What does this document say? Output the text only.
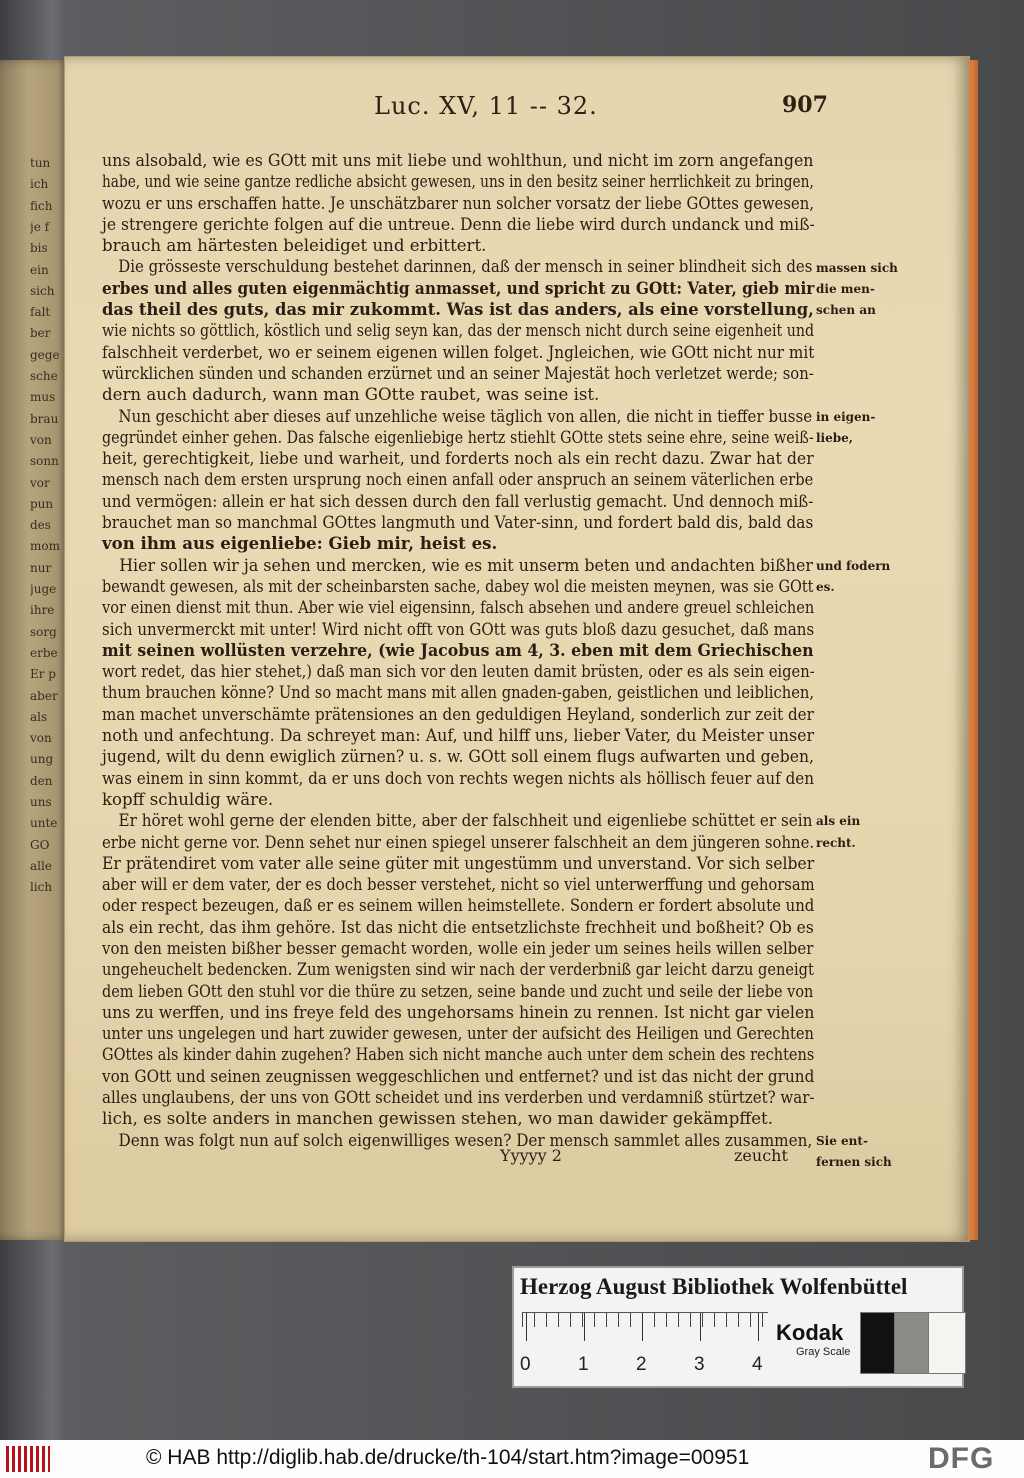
tun
ich
fich
je f
bis
ein
sich
falt
ber
gege
sche
mus
brau
von
sonn
vor
pun
des
mom
nur
juge
ihre
sorg
erbe
Er p
aber
als
von
ung
den
uns
unte
GO
alle
lich
Luc. XV, 11 -- 32.	907
uns alsobald, wie es GOtt mit uns mit liebe und wohlthun, und nicht im zorn angefangen
habe, und wie seine gantze redliche absicht gewesen, uns in den besitz seiner herrlichkeit zu bringen,
wozu er uns erschaffen hatte. Je unschätzbarer nun solcher vorsatz der liebe GOttes gewesen,
je strengere gerichte folgen auf die untreue. Denn die liebe wird durch undanck und miß-
brauch am härtesten beleidiget und erbittert.
Die grösseste verschuldung bestehet darinnen, daß der mensch in seiner blindheit sich des
erbes und alles guten eigenmächtig anmasset, und spricht zu GOtt: Vater, gieb mir
das theil des guts, das mir zukommt. Was ist das anders, als eine vorstellung,
wie nichts so göttlich, köstlich und selig seyn kan, das der mensch nicht durch seine eigenheit und
falschheit verderbet, wo er seinem eigenen willen folget. Jngleichen, wie GOtt nicht nur mit
würcklichen sünden und schanden erzürnet und an seiner Majestät hoch verletzet werde; son-
dern auch dadurch, wann man GOtte raubet, was seine ist.
Nun geschicht aber dieses auf unzehliche weise täglich von allen, die nicht in tieffer busse
gegründet einher gehen. Das falsche eigenliebige hertz stiehlt GOtte stets seine ehre, seine weiß-
heit, gerechtigkeit, liebe und warheit, und forderts noch als ein recht dazu. Zwar hat der
mensch nach dem ersten ursprung noch einen anfall oder anspruch an seinem väterlichen erbe
und vermögen: allein er hat sich dessen durch den fall verlustig gemacht. Und dennoch miß-
brauchet man so manchmal GOttes langmuth und Vater-sinn, und fordert bald dis, bald das
von ihm aus eigenliebe: Gieb mir, heist es.
Hier sollen wir ja sehen und mercken, wie es mit unserm beten und andachten bißher
bewandt gewesen, als mit der scheinbarsten sache, dabey wol die meisten meynen, was sie GOtt
vor einen dienst mit thun. Aber wie viel eigensinn, falsch absehen und andere greuel schleichen
sich unvermerckt mit unter! Wird nicht offt von GOtt was guts bloß dazu gesuchet, daß mans
mit seinen wollüsten verzehre, (wie Jacobus am 4, 3. eben mit dem Griechischen
wort redet, das hier stehet,) daß man sich vor den leuten damit brüsten, oder es als sein eigen-
thum brauchen könne? Und so macht mans mit allen gnaden-gaben, geistlichen und leiblichen,
man machet unverschämte prätensiones an den geduldigen Heyland, sonderlich zur zeit der
noth und anfechtung. Da schreyet man: Auf, und hilff uns, lieber Vater, du Meister unser
jugend, wilt du denn ewiglich zürnen? u. s. w. GOtt soll einem flugs aufwarten und geben,
was einem in sinn kommt, da er uns doch von rechts wegen nichts als höllisch feuer auf den
kopff schuldig wäre.
Er höret wohl gerne der elenden bitte, aber der falschheit und eigenliebe schüttet er sein
erbe nicht gerne vor. Denn sehet nur einen spiegel unserer falschheit an dem jüngeren sohne.
Er prätendiret vom vater alle seine güter mit ungestümm und unverstand. Vor sich selber
aber will er dem vater, der es doch besser verstehet, nicht so viel unterwerffung und gehorsam
oder respect bezeugen, daß er es seinem willen heimstellete. Sondern er fordert absolute und
als ein recht, das ihm gehöre. Ist das nicht die entsetzlichste frechheit und boßheit? Ob es
von den meisten bißher besser gemacht worden, wolle ein jeder um seines heils willen selber
ungeheuchelt bedencken. Zum wenigsten sind wir nach der verderbniß gar leicht darzu geneigt
dem lieben GOtt den stuhl vor die thüre zu setzen, seine bande und zucht und seile der liebe von
uns zu werffen, und ins freye feld des ungehorsams hinein zu rennen. Ist nicht gar vielen
unter uns ungelegen und hart zuwider gewesen, unter der aufsicht des Heiligen und Gerechten
GOttes als kinder dahin zugehen? Haben sich nicht manche auch unter dem schein des rechtens
von GOtt und seinen zeugnissen weggeschlichen und entfernet? und ist das nicht der grund
alles unglaubens, der uns von GOtt scheidet und ins verderben und verdamniß stürtzet? war-
lich, es solte anders in manchen gewissen stehen, wo man dawider gekämpffet.
Denn was folgt nun auf solch eigenwilliges wesen? Der mensch sammlet alles zusammen,
massen sich
die men-
schen an
in eigen-
liebe,
und fodern
es.
als ein
recht.
Sie ent-
fernen sich
Yyyyy 2	zeucht
Herzog August Bibliothek Wolfenbüttel
0 1 2 3 4
Kodak
Gray Scale
© HAB http://diglib.hab.de/drucke/th-104/start.htm?image=00951	DFG
